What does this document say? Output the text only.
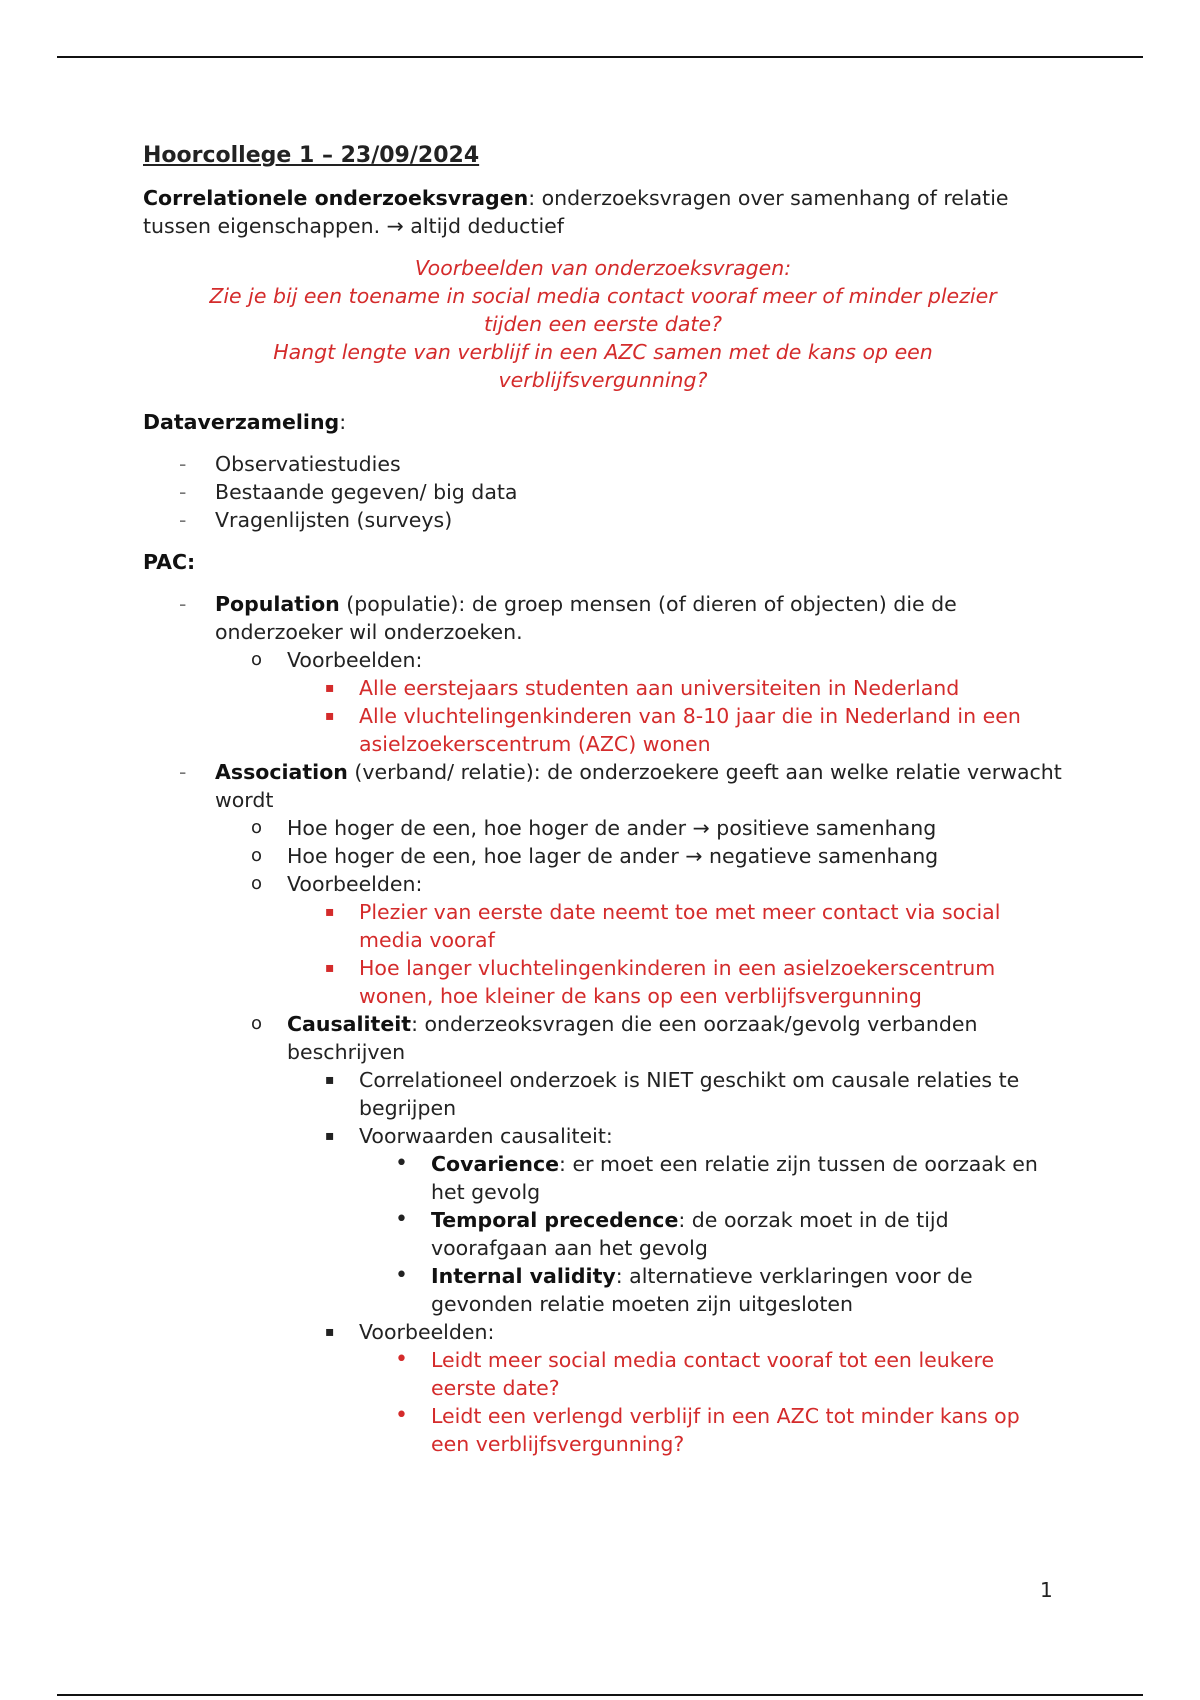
Hoorcollege 1 – 23/09/2024
Correlationele onderzoeksvragen: onderzoeksvragen over samenhang of relatie tussen eigenschappen. → altijd deductief
Voorbeelden van onderzoeksvragen:
Zie je bij een toename in social media contact vooraf meer of minder plezier
tijden een eerste date?
Hangt lengte van verblijf in een AZC samen met de kans op een
verblijfsvergunning?
Dataverzameling:
- Observatiestudies
- Bestaande gegeven/ big data
- Vragenlijsten (surveys)
PAC:
- Population (populatie): de groep mensen (of dieren of objecten) die de onderzoeker wil onderzoeken.
o Voorbeelden:
▪ Alle eerstejaars studenten aan universiteiten in Nederland
▪ Alle vluchtelingenkinderen van 8-10 jaar die in Nederland in een asielzoekerscentrum (AZC) wonen
- Association (verband/ relatie): de onderzoekere geeft aan welke relatie verwacht wordt
o Hoe hoger de een, hoe hoger de ander → positieve samenhang
o Hoe hoger de een, hoe lager de ander → negatieve samenhang
o Voorbeelden:
▪ Plezier van eerste date neemt toe met meer contact via social media vooraf
▪ Hoe langer vluchtelingenkinderen in een asielzoekerscentrum wonen, hoe kleiner de kans op een verblijfsvergunning
o Causaliteit: onderzeoksvragen die een oorzaak/gevolg verbanden beschrijven
▪ Correlationeel onderzoek is NIET geschikt om causale relaties te begrijpen
▪ Voorwaarden causaliteit:
• Covarience: er moet een relatie zijn tussen de oorzaak en het gevolg
• Temporal precedence: de oorzak moet in de tijd voorafgaan aan het gevolg
• Internal validity: alternatieve verklaringen voor de gevonden relatie moeten zijn uitgesloten
▪ Voorbeelden:
• Leidt meer social media contact vooraf tot een leukere eerste date?
• Leidt een verlengd verblijf in een AZC tot minder kans op een verblijfsvergunning?
1
